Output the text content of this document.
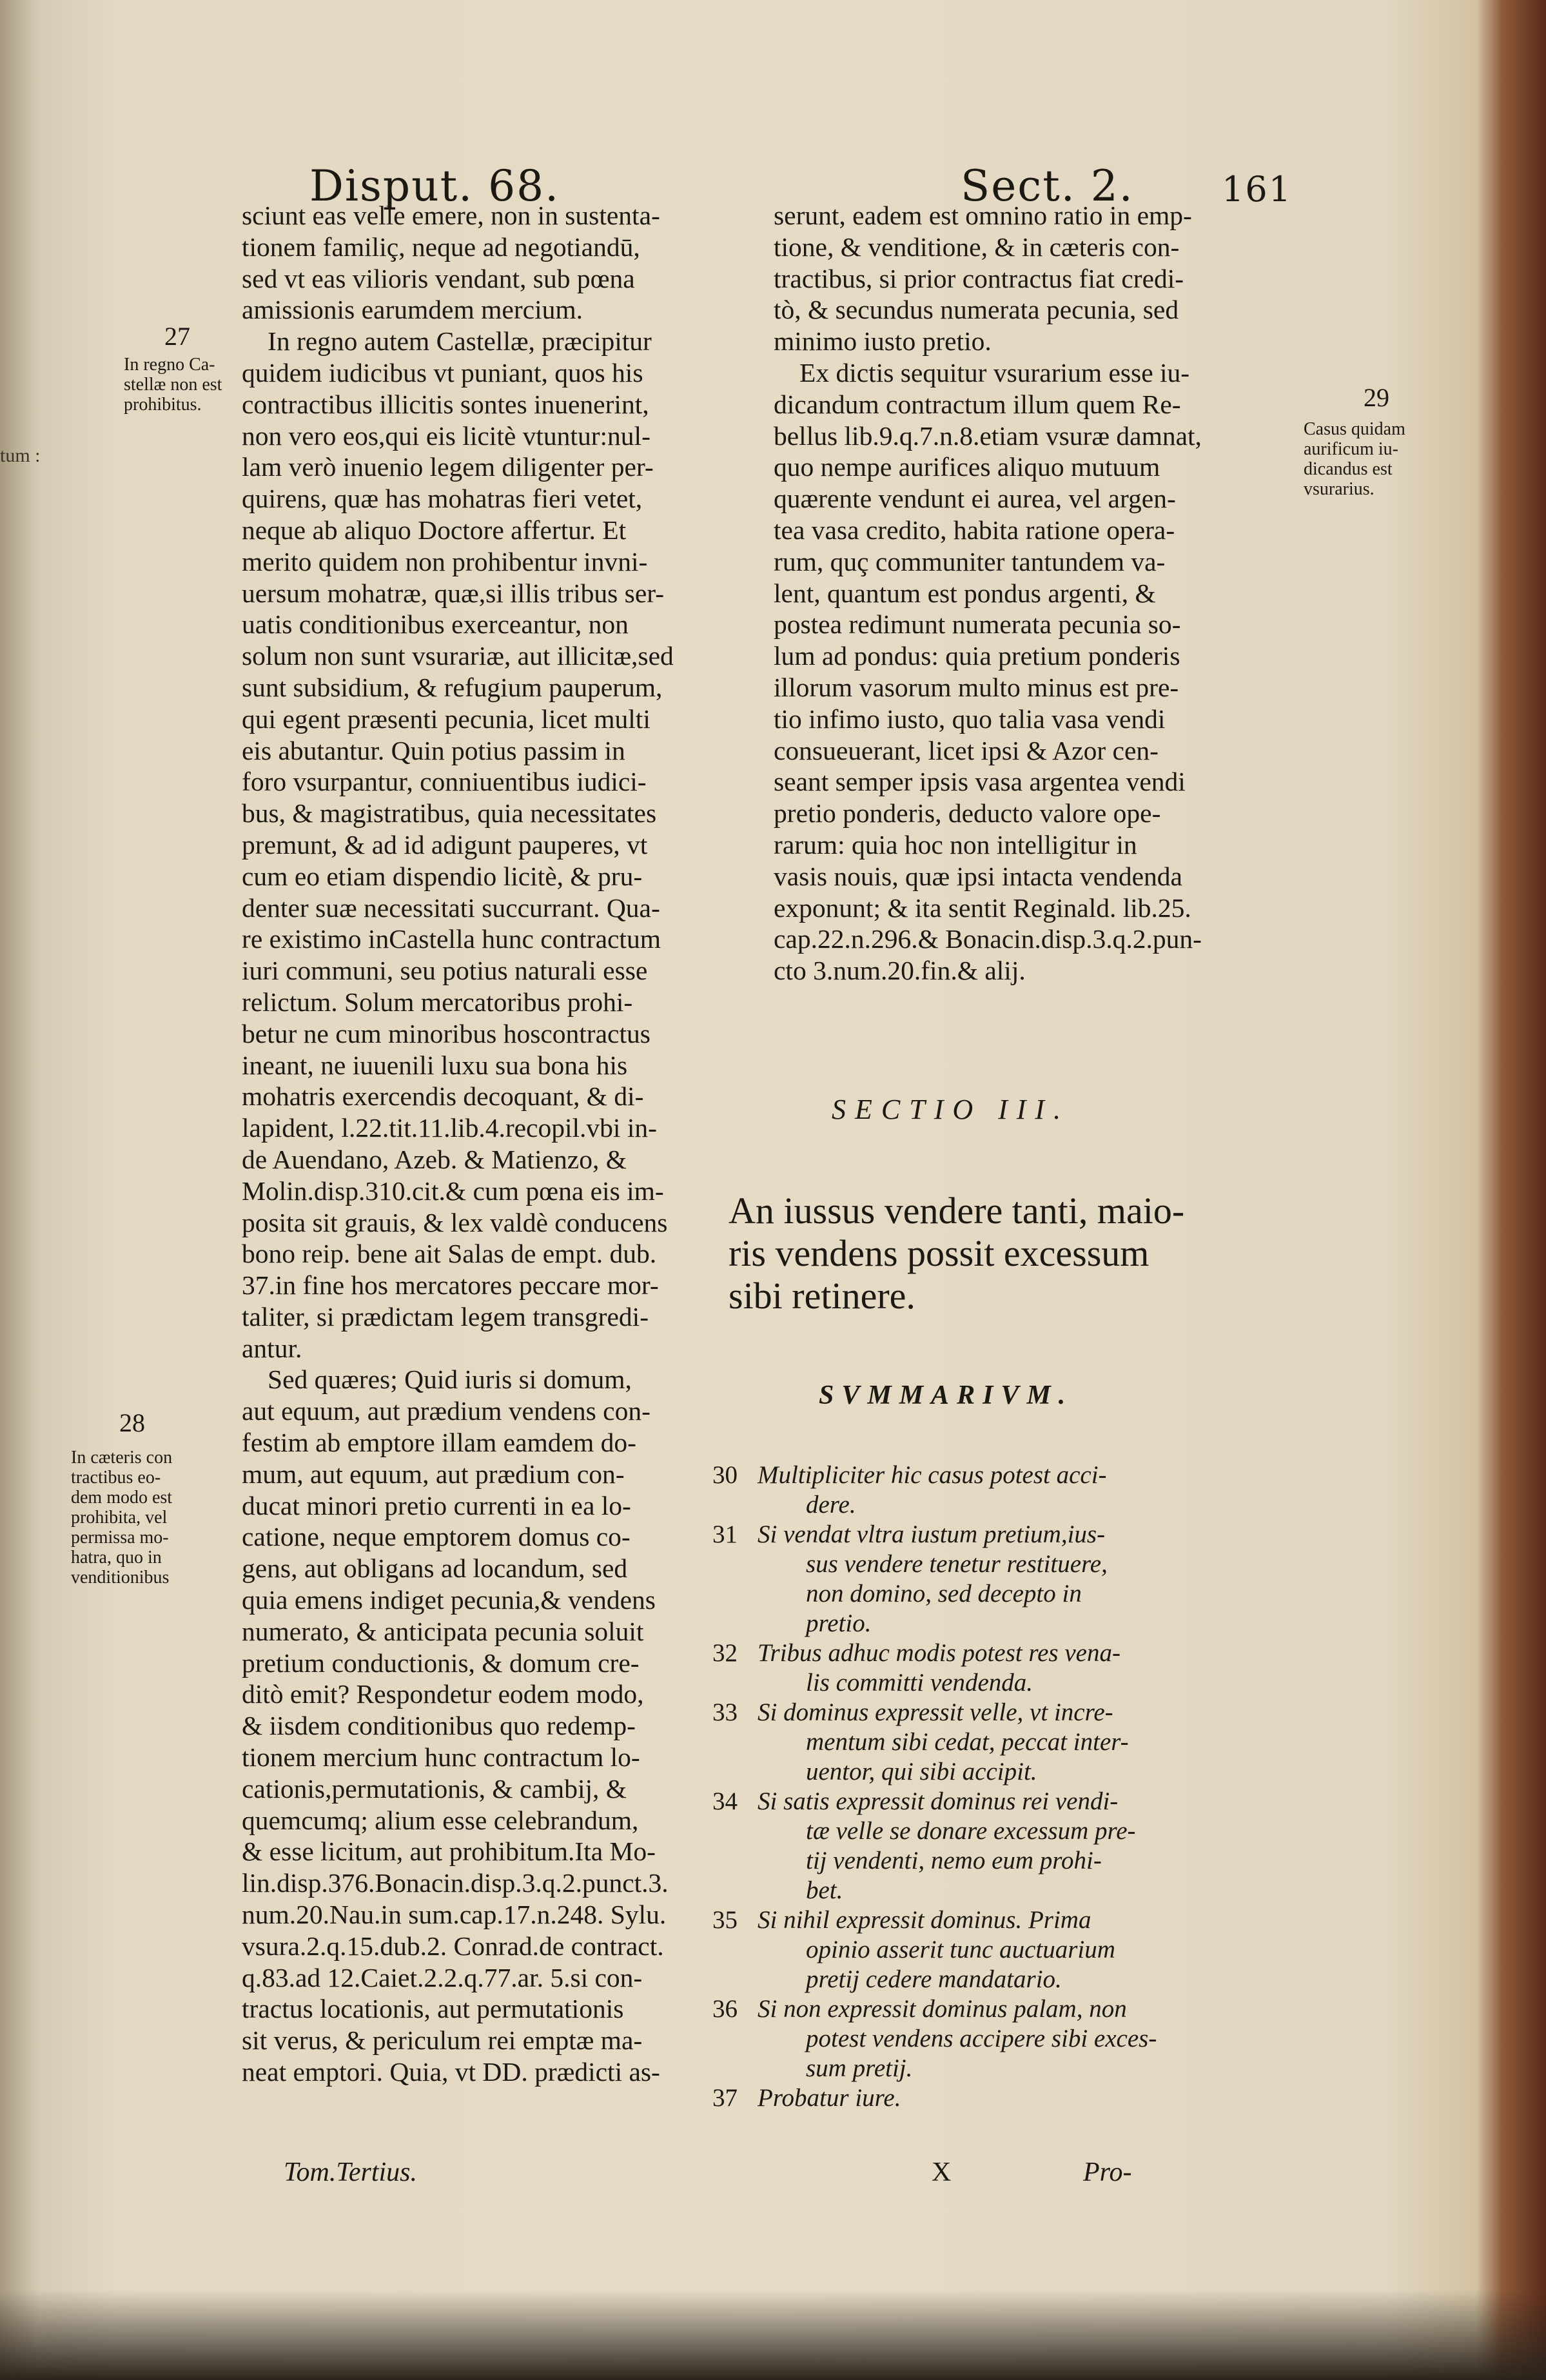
tum :
Disput. 68.	Sect. 2.	161
27
In regno Ca-
stellæ non est
prohibitus.
28
In cæteris con
tractibus eo-
dem modo est
prohibita, vel
permissa mo-
hatra, quo in
venditionibus
sciunt eas velle emere, non in sustenta-
tionem familiç, neque ad negotiandū,
sed vt eas vilioris vendant, sub pœna
amissionis earumdem mercium.
In regno autem Castellæ, præcipitur
quidem iudicibus vt puniant, quos his
contractibus illicitis sontes inuenerint,
non vero eos,qui eis licitè vtuntur:nul-
lam verò inuenio legem diligenter per-
quirens, quæ has mohatras fieri vetet,
neque ab aliquo Doctore affertur. Et
merito quidem non prohibentur invni-
uersum mohatræ, quæ,si illis tribus ser-
uatis conditionibus exerceantur, non
solum non sunt vsurariæ, aut illicitæ,sed
sunt subsidium, & refugium pauperum,
qui egent præsenti pecunia, licet multi
eis abutantur. Quin potius passim in
foro vsurpantur, conniuentibus iudici-
bus, & magistratibus, quia necessitates
premunt, & ad id adigunt pauperes, vt
cum eo etiam dispendio licitè, & pru-
denter suæ necessitati succurrant. Qua-
re existimo inCastella hunc contractum
iuri communi, seu potius naturali esse
relictum. Solum mercatoribus prohi-
betur ne cum minoribus hoscontractus
ineant, ne iuuenili luxu sua bona his
mohatris exercendis decoquant, & di-
lapident, l.22.tit.11.lib.4.recopil.vbi in-
de Auendano, Azeb. & Matienzo, &
Molin.disp.310.cit.& cum pœna eis im-
posita sit grauis, & lex valdè conducens
bono reip. bene ait Salas de empt. dub.
37.in fine hos mercatores peccare mor-
taliter, si prædictam legem transgredi-
antur.
Sed quæres; Quid iuris si domum,
aut equum, aut prædium vendens con-
festim ab emptore illam eamdem do-
mum, aut equum, aut prædium con-
ducat minori pretio currenti in ea lo-
catione, neque emptorem domus co-
gens, aut obligans ad locandum, sed
quia emens indiget pecunia,& vendens
numerato, & anticipata pecunia soluit
pretium conductionis, & domum cre-
ditò emit? Respondetur eodem modo,
& iisdem conditionibus quo redemp-
tionem mercium hunc contractum lo-
cationis,permutationis, & cambij, &
quemcumq; alium esse celebrandum,
& esse licitum, aut prohibitum.Ita Mo-
lin.disp.376.Bonacin.disp.3.q.2.punct.3.
num.20.Nau.in sum.cap.17.n.248. Sylu.
vsura.2.q.15.dub.2. Conrad.de contract.
q.83.ad 12.Caiet.2.2.q.77.ar. 5.si con-
tractus locationis, aut permutationis
sit verus, & periculum rei emptæ ma-
neat emptori. Quia, vt DD. prædicti as-
29
Casus quidam
aurificum iu-
dicandus est
vsurarius.
serunt, eadem est omnino ratio in emp-
tione, & venditione, & in cæteris con-
tractibus, si prior contractus fiat credi-
tò, & secundus numerata pecunia, sed
minimo iusto pretio.
Ex dictis sequitur vsurarium esse iu-
dicandum contractum illum quem Re-
bellus lib.9.q.7.n.8.etiam vsuræ damnat,
quo nempe aurifices aliquo mutuum
quærente vendunt ei aurea, vel argen-
tea vasa credito, habita ratione opera-
rum, quç communiter tantundem va-
lent, quantum est pondus argenti, &
postea redimunt numerata pecunia so-
lum ad pondus: quia pretium ponderis
illorum vasorum multo minus est pre-
tio infimo iusto, quo talia vasa vendi
consueuerant, licet ipsi & Azor cen-
seant semper ipsis vasa argentea vendi
pretio ponderis, deducto valore ope-
rarum: quia hoc non intelligitur in
vasis nouis, quæ ipsi intacta vendenda
exponunt; & ita sentit Reginald. lib.25.
cap.22.n.296.& Bonacin.disp.3.q.2.pun-
cto 3.num.20.fin.& alij.
SECTIO III.
An iussus vendere tanti, maio-
ris vendens possit excessum
sibi retinere.
SVMMARIVM.
30 Multipliciter hic casus potest acci-
dere.
31 Si vendat vltra iustum pretium,ius-
sus vendere tenetur restituere,
non domino, sed decepto in
pretio.
32 Tribus adhuc modis potest res vena-
lis committi vendenda.
33 Si dominus expressit velle, vt incre-
mentum sibi cedat, peccat inter-
uentor, qui sibi accipit.
34 Si satis expressit dominus rei vendi-
tæ velle se donare excessum pre-
tij vendenti, nemo eum prohi-
bet.
35 Si nihil expressit dominus. Prima
opinio asserit tunc auctuarium
pretij cedere mandatario.
36 Si non expressit dominus palam, non
potest vendens accipere sibi exces-
sum pretij.
37 Probatur iure.
Tom.Tertius.	X	Pro-
